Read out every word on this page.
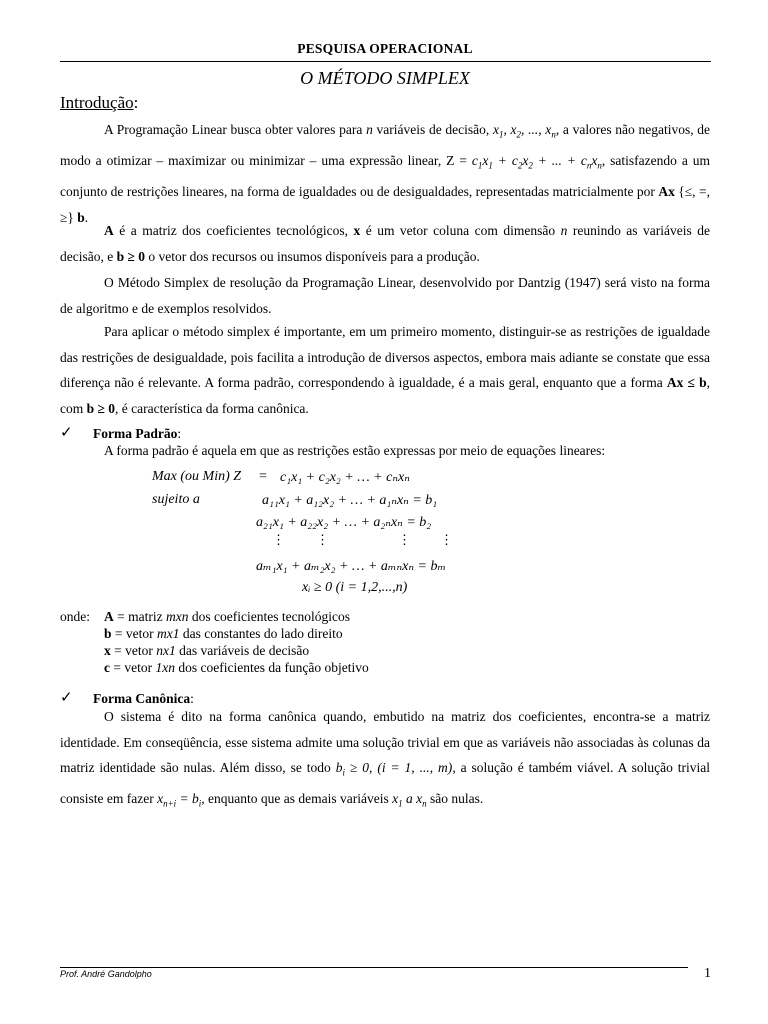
PESQUISA OPERACIONAL
O MÉTODO SIMPLEX
Introdução:

A Programação Linear busca obter valores para n variáveis de decisão, $x_1$, $x_2$, ..., $x_n$, a valores não negativos, de modo a otimizar – maximizar ou minimizar – uma expressão linear, $Z = c_1x_1 + c_2x_2$ + ... + $c_nx_n$, satisfazendo a um conjunto de restrições lineares, na forma de igualdades ou de desigualdades, representadas matricialmente por Ax {≤, =, ≥} b.

A é a matriz dos coeficientes tecnológicos, x é um vetor coluna com dimensão n reunindo as variáveis de decisão, e b ≥ 0 o vetor dos recursos ou insumos disponíveis para a produção.

O Método Simplex de resolução da Programação Linear, desenvolvido por Dantzig (1947) será visto na forma de algoritmo e de exemplos resolvidos.

Para aplicar o método simplex é importante, em um primeiro momento, distinguir-se as restrições de igualdade das restrições de desigualdade, pois facilita a introdução de diversos aspectos, embora mais adiante se constate que essa diferença não é relevante. A forma padrão, correspondendo à igualdade, é a mais geral, enquanto que a forma Ax ≤ b, com b ≥ 0, é característica da forma canônica.

✓ Forma Padrão:
A forma padrão é aquela em que as restrições estão expressas por meio de equações lineares:
Max (ou Min) Z = c₁x₁ + c₂x₂ + … + cₙxₙ
sujeito a	a₁₁x₁ + a₁₂x₂ + … + a₁ₙxₙ = b₁
a₂₁x₁ + a₂₂x₂ + … + a₂ₙxₙ = b₂
⋮ ⋮	⋮ ⋮
aₘ₁x₁ + aₘ₂x₂ + … + aₘₙxₙ = bₘ
xᵢ ≥ 0 (i = 1,2,...,n)
onde: A = matriz mxn dos coeficientes tecnológicos
b = vetor mx1 das constantes do lado direito
x = vetor nx1 das variáveis de decisão
c = vetor 1xn dos coeficientes da função objetivo
✓ Forma Canônica:

O sistema é dito na forma canônica quando, embutido na matriz dos coeficientes, encontra-se a matriz identidade. Em conseqüência, esse sistema admite uma solução trivial em que as variáveis não associadas às colunas da matriz identidade são nulas. Além disso, se todo $b_i \ge 0$, (i = 1, ..., m), a solução é também viável. A solução trivial consiste em fazer $x_{n+i} = b_i$, enquanto que as demais variáveis $x_1$ a $x_n$ são nulas.

Prof. André Gandolpho	1
